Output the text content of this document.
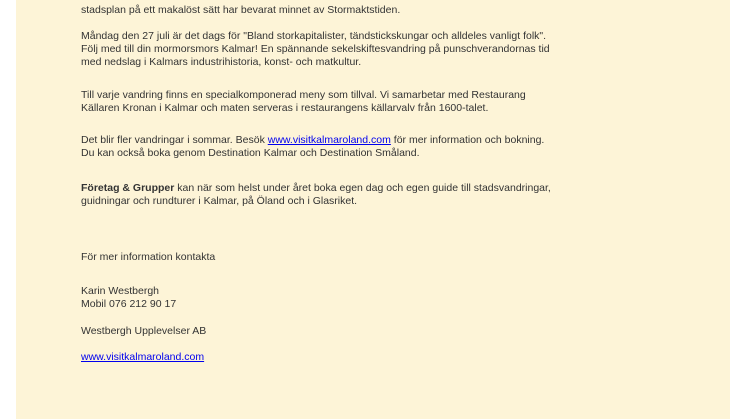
stadsplan på ett makalöst sätt har bevarat minnet av Stormaktstiden.
Måndag den 27 juli är det dags för "Bland storkapitalister, tändstickskungar och alldeles vanligt folk".
Följ med till din mormorsmors Kalmar! En spännande sekelskiftesvandring på punschverandornas tid
med nedslag i Kalmars industrihistoria, konst- och matkultur.
Till varje vandring finns en specialkomponerad meny som tillval. Vi samarbetar med Restaurang
Källaren Kronan i Kalmar och maten serveras i restaurangens källarvalv från 1600-talet.
Det blir fler vandringar i sommar. Besök www.visitkalmaroland.com för mer information och bokning.
Du kan också boka genom Destination Kalmar och Destination Småland.
Företag & Grupper kan när som helst under året boka egen dag och egen guide till stadsvandringar,
guidningar och rundturer i Kalmar, på Öland och i Glasriket.
För mer information kontakta
Karin Westbergh
Mobil 076 212 90 17
Westbergh Upplevelser AB
www.visitkalmaroland.com
